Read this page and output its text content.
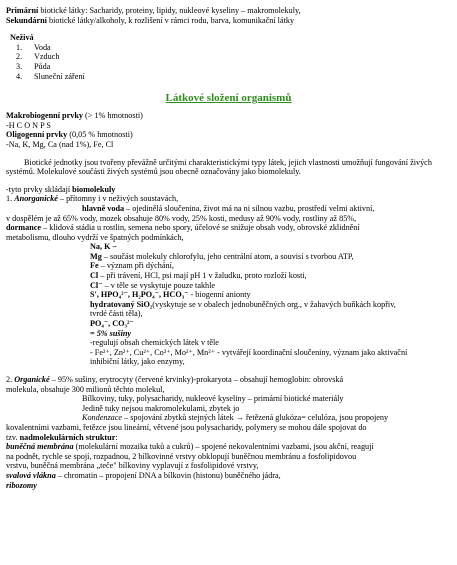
Primární biotické látky: Sacharidy, proteiny, lipidy, nukleové kyseliny – makromolekuly,
Sekundární biotické látky/alkoholy, k rozlišení v rámci rodu, barva, komunikační látky
Neživá
1. Voda
2. Vzduch
3. Půda
4. Sluneční záření
Látkové složení organismů
Makrobiogenní prvky (> 1% hmotnosti)
-H C O N P S
Oligogenní prvky (0,05 % hmotnosti)
-Na, K, Mg, Ca (nad 1%), Fe, Cl
Biotické jednotky jsou tvořeny převážně určitými charakteristickými typy látek, jejich vlastnosti umožňují fungování živých systémů. Molekulové součásti živých systémů jsou obecně označovány jako biomolekuly.
-tyto prvky skládají biomolekuly
1. Anorganické – přítomny i v neživých soustavách,
hlavně voda – ojedinělá sloučenina, život má na ni silnou vazbu, prostředí velmi aktivní,
v dospělém je až 65% vody, mozek obsahuje 80% vody, 25% kosti, medusy až 90% vody, rostliny až 85%,
dormance – klidová stádia u rostlin, semena nebo spory, účelové se snižuje obsah vody, obrovské zklidnění
metabolismu, dlouho vydrží ve špatných podmínkách,
Na, K –
Mg – součást molekuly chlorofylu, jeho centrální atom, a souvisí s tvorbou ATP,
Fe – význam při dýchání,
Cl – při trávení, HCl, psi mají pH 1 v žaludku, proto rozloží kosti,
Cl⁻ – v těle se vyskytuje pouze takhle
S', HPO₄²⁻, H₂PO₄⁻, HCO₃⁻ - biogenní anionty
hydratovaný SiO₂(vyskytuje se v obalech jednobuněčných org., v žahavých buňkách kopřiv,
tvrdé části těla),
PO₄⁻, CO₃²⁻
= 5% sušiny
-regulují obsah chemických látek v těle
- Fe²⁺, Zn²⁺, Cu²⁺, Co²⁺, Mo²⁺, Mn²⁺ - vytvářejí koordinační sloučeniny, význam jako aktivační
inhibiční látky, jako enzymy,
2. Organické – 95% sušiny, erytrocyty (červené krvinky)-prokaryota – obsahují hemoglobin: obrovská
molekula, obsahuje 300 milionů těchto molekul,
Bílkoviny, tuky, polysacharidy, nukleové kyseliny – primární biotické materiály
Jedině tuky nejsou makromolekulami, zbytek jo
Kondenzace – spojování zbytků stejných látek → řetězená glukóza= celulóza, jsou propojeny
kovalentními vazbami, řetězce jsou lineární, větvené jsou polysacharidy, polymery se mohou dále spojovat do
tzv. nadmolekulárních struktur:
buněčná membrána (molekulární mozaika tuků a cukrů) – spojené nekovalentními vazbami, jsou akční, reagují
na podnět, rychle se spojí, rozpadnou, 2 bílkovinné vrstvy obklopují buněčnou membránu a fosfolipidovou
vrstvu, buněčná membrána „teče" bílkoviny vyplavují z fosfolipidové vrstvy,
svalová vlákna – chromatin – propojení DNA a bílkovin (histonu) buněčného jádra,
ribozomy
